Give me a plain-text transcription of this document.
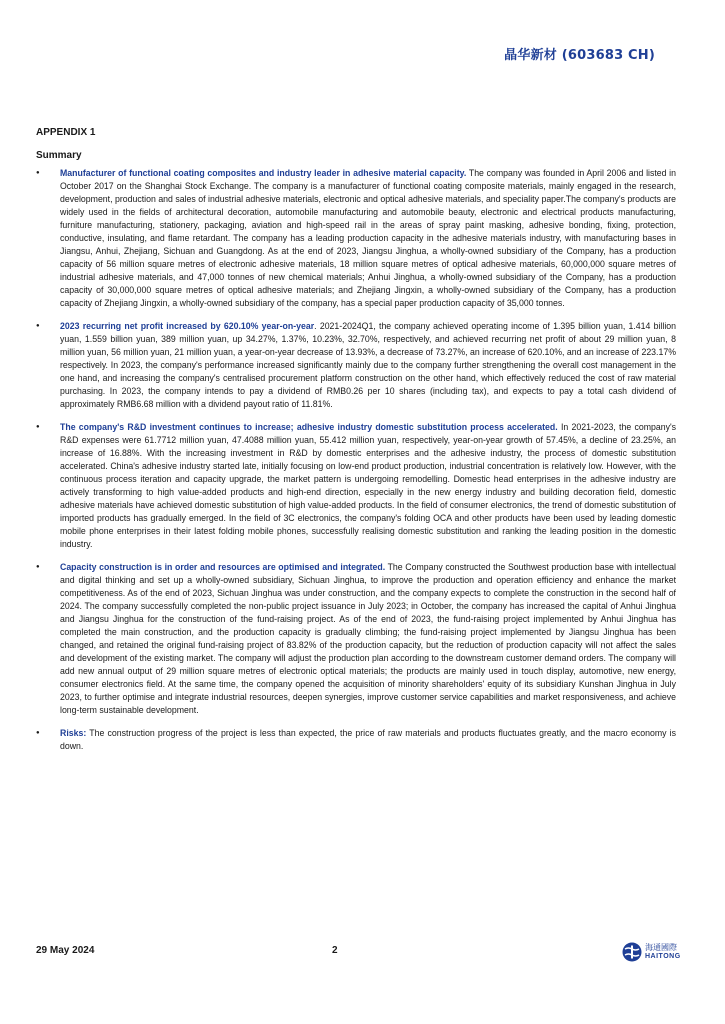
晶华新材 (603683 CH)
APPENDIX 1
Summary
● Manufacturer of functional coating composites and industry leader in adhesive material capacity. The company was founded in April 2006 and listed in October 2017 on the Shanghai Stock Exchange. The company is a manufacturer of functional coating composite materials, mainly engaged in the research, development, production and sales of industrial adhesive materials, electronic and optical adhesive materials, and speciality paper.The company's products are widely used in the fields of architectural decoration, automobile manufacturing and automobile beauty, electronic and electrical products manufacturing, furniture manufacturing, stationery, packaging, aviation and high-speed rail in the areas of spray paint masking, adhesive bonding, fixing, protection, conductive, insulating, and flame retardant. The company has a leading production capacity in the adhesive materials industry, with manufacturing bases in Jiangsu, Anhui, Zhejiang, Sichuan and Guangdong. As at the end of 2023, Jiangsu Jinghua, a wholly-owned subsidiary of the Company, has a production capacity of 56 million square metres of electronic adhesive materials, 18 million square metres of optical adhesive materials, 60,000,000 square metres of industrial adhesive materials, and 47,000 tonnes of new chemical materials; Anhui Jinghua, a wholly-owned subsidiary of the Company, has a production capacity of 30,000,000 square metres of optical adhesive materials; and Zhejiang Jingxin, a wholly-owned subsidiary of the Company, has a production capacity of Zhejiang Jingxin, a wholly-owned subsidiary of the company, has a special paper production capacity of 35,000 tonnes.
● 2023 recurring net profit increased by 620.10% year-on-year. 2021-2024Q1, the company achieved operating income of 1.395 billion yuan, 1.414 billion yuan, 1.559 billion yuan, 389 million yuan, up 34.27%, 1.37%, 10.23%, 32.70%, respectively, and achieved recurring net profit of about 29 million yuan, 8 million yuan, 56 million yuan, 21 million yuan, a year-on-year decrease of 13.93%, a decrease of 73.27%, an increase of 620.10%, and an increase of 223.17% respectively. In 2023, the company's performance increased significantly mainly due to the company further strengthening the overall cost management in the one hand, and increasing the company's centralised procurement platform construction on the other hand, which effectively reduced the cost of raw material purchasing. In 2023, the company intends to pay a dividend of RMB0.26 per 10 shares (including tax), and expects to pay a total cash dividend of approximately RMB6.68 million with a dividend payout ratio of 11.81%.
● The company's R&D investment continues to increase; adhesive industry domestic substitution process accelerated. In 2021-2023, the company's R&D expenses were 61.7712 million yuan, 47.4088 million yuan, 55.412 million yuan, respectively, year-on-year growth of 57.45%, a decline of 23.25%, an increase of 16.88%. With the increasing investment in R&D by domestic enterprises and the adhesive industry, the process of domestic substitution accelerated. China's adhesive industry started late, initially focusing on low-end product production, industrial concentration is relatively low. However, with the continuous process iteration and capacity upgrade, the market pattern is undergoing remodelling. Domestic head enterprises in the adhesive industry are actively transforming to high value-added products and high-end direction, especially in the new energy industry and building decoration field, domestic adhesive materials have achieved domestic substitution of high value-added products. In the field of consumer electronics, the trend of domestic substitution of imported products has gradually emerged. In the field of 3C electronics, the company's folding OCA and other products have been used by leading domestic mobile phone enterprises in their latest folding mobile phones, successfully realising domestic substitution and ranking the leading position in the domestic industry.
● Capacity construction is in order and resources are optimised and integrated. The Company constructed the Southwest production base with intellectual and digital thinking and set up a wholly-owned subsidiary, Sichuan Jinghua, to improve the production and operation efficiency and enhance the market competitiveness. As of the end of 2023, Sichuan Jinghua was under construction, and the company expects to complete the construction in the second half of 2024. The company successfully completed the non-public project issuance in July 2023; in October, the company has increased the capital of Anhui Jinghua and Jiangsu Jinghua for the construction of the fund-raising project. As of the end of 2023, the fund-raising project implemented by Anhui Jinghua has completed the main construction, and the production capacity is gradually climbing; the fund-raising project implemented by Jiangsu Jinghua has been changed, and retained the original fund-raising project of 83.82% of the production capacity, but the reduction of production capacity will not affect the sales and development of the existing market. The company will adjust the production plan according to the downstream customer demand orders. The company will add new annual output of 29 million square metres of electronic optical materials; the products are mainly used in touch display, automotive, new energy, consumer electronics field. At the same time, the company opened the acquisition of minority shareholders' equity of its subsidiary Kunshan Jinghua in July 2023, to further optimise and integrate industrial resources, deepen synergies, improve customer service capabilities and market responsiveness, and achieve long-term sustainable development.
● Risks: The construction progress of the project is less than expected, the price of raw materials and products fluctuates greatly, and the macro economy is down.
29 May 2024	2	海通國際
HAITONG
